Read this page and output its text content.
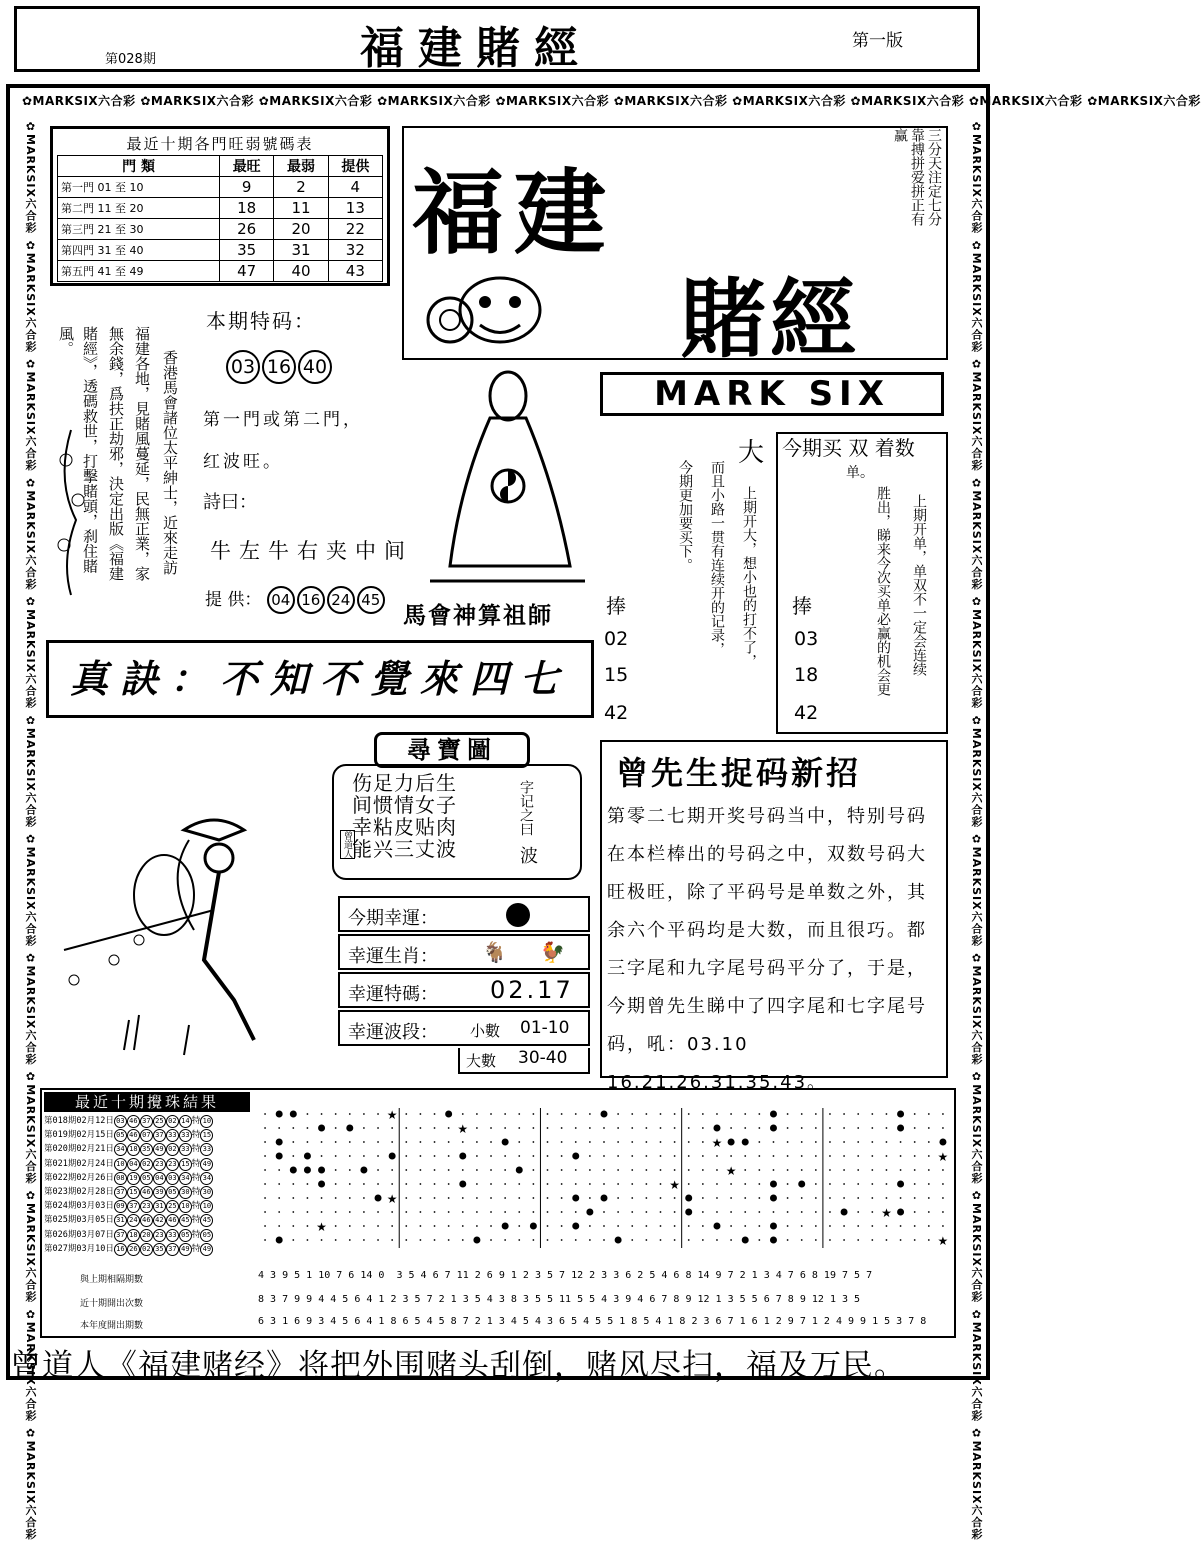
第028期	福建賭經	第一版
✿MARKSIX六合彩 ✿MARKSIX六合彩 ✿MARKSIX六合彩 ✿MARKSIX六合彩 ✿MARKSIX六合彩 ✿MARKSIX六合彩 ✿MARKSIX六合彩 ✿MARKSIX六合彩 ✿MARKSIX六合彩 ✿MARKSIX六合彩
✿MARKSIX六合彩 ✿MARKSIX六合彩 ✿MARKSIX六合彩 ✿MARKSIX六合彩 ✿MARKSIX六合彩 ✿MARKSIX六合彩 ✿MARKSIX六合彩 ✿MARKSIX六合彩 ✿MARKSIX六合彩 ✿MARKSIX六合彩 ✿MARKSIX六合彩 ✿MARKSIX六合彩	✿MARKSIX六合彩 ✿MARKSIX六合彩 ✿MARKSIX六合彩 ✿MARKSIX六合彩 ✿MARKSIX六合彩 ✿MARKSIX六合彩 ✿MARKSIX六合彩 ✿MARKSIX六合彩 ✿MARKSIX六合彩 ✿MARKSIX六合彩 ✿MARKSIX六合彩 ✿MARKSIX六合彩
最近十期各門旺弱號碼表
門 類	最旺	最弱	提供
第一門 01 至 10	9	2	4
第二門 11 至 20	18	11	13
第三門 21 至 30	26	20	22
第四門 31 至 40	35	31	32
第五門 41 至 49	47	40	43
福建
賭經
三分天注定七分靠搏拼爱拼正有赢
MARK SIX
香港馬會諸位太平紳士，近來走訪
福建各地，見賭風蔓延，民無正業，家
無余錢，爲扶正劫邪，決定出版《福建
賭經》，透碼救世，打擊賭頭，刹住賭
風。
本期特码：
03 16 40
第一門或第二門，
红波旺。
詩曰：
牛左牛右夹中间
提 供： 04 16 24 45
馬會神算祖師
真訣：不知不覺來四七
捧
02
15
42
上期开大，想小也的打不了，
而且小路一贯有连续开的记录，
今期更加要买下。
大 今期买 双 着数
单。
上期开单，单双不一定会连续
胜出，睇来今次买单必赢的机会更
捧
03
18
42
尋寶圖
伤足力后生
间惯情女子
幸粘皮贴肉
能兴三丈波
字记之曰
波
曾道人
今期幸運：
幸運生肖： 🐐 🐓
幸運特碼： 02.17
幸運波段： 小數 01-10
大數 30-40
曾先生捉码新招
第零二七期开奖号码当中，特别号码　在本栏棒出的号码之中，双数号码大旺极旺，除了平码号是单数之外，其余六个平码均是大数，而且很巧。都三字尾和九字尾号码平分了，于是，今期曾先生睇中了四字尾和七字尾号码，吼：03.10 16.21.26.31.35.43。
最近十期攪珠結果
第018期02月12日 03 46 37 25 02 14 特 10
第019期02月15日 05 46 07 37 33 33 特 15
第020期02月21日 34 18 35 49 02 33 特 33
第021期02月24日 10 04 02 23 23 15 特 49
第022期02月26日 08 19 05 04 03 34 特 34
第023期02月28日 37 15 46 39 05 30 特 30
第024期03月03日 09 37 23 31 25 10 特 10
第025期03月05日 31 24 46 42 46 45 特 45
第026期03月07日 37 18 20 23 33 05 特 05
第027期03月10日 16 26 02 35 37 49 特 49
★
★
★
★
★
★
★
★
★
★
與上期相隔期數
近十期開出次數
本年度開出期數
4 3 9 5 1 10 7 6 14 0  3 5 4 6 7 11 2 6 9 1 2 3 5 7 12 2 3 3 6 2 5 4 6 8 14 9 7 2 1 3 4 7 6 8 19 7 5 7
8 3 7 9 9 4 4 5 6 4 1 2 3 5 7 2 1 3 5 4 3 8 3 5 5 11 5 5 4 3 9 4 6 7 8 9 12 1 3 5 5 6 7 8 9 12 1 3 5
6 3 1 6 9 3 4 5 6 4 1 8 6 5 4 5 8 7 2 1 3 4 5 4 3 6 5 4 5 5 1 8 5 4 1 8 2 3 6 7 1 6 1 2 9 7 1 2 4 9 9 1 5 3 7 8
曾道人《福建赌经》将把外围赌头刮倒，赌风尽扫，福及万民。
